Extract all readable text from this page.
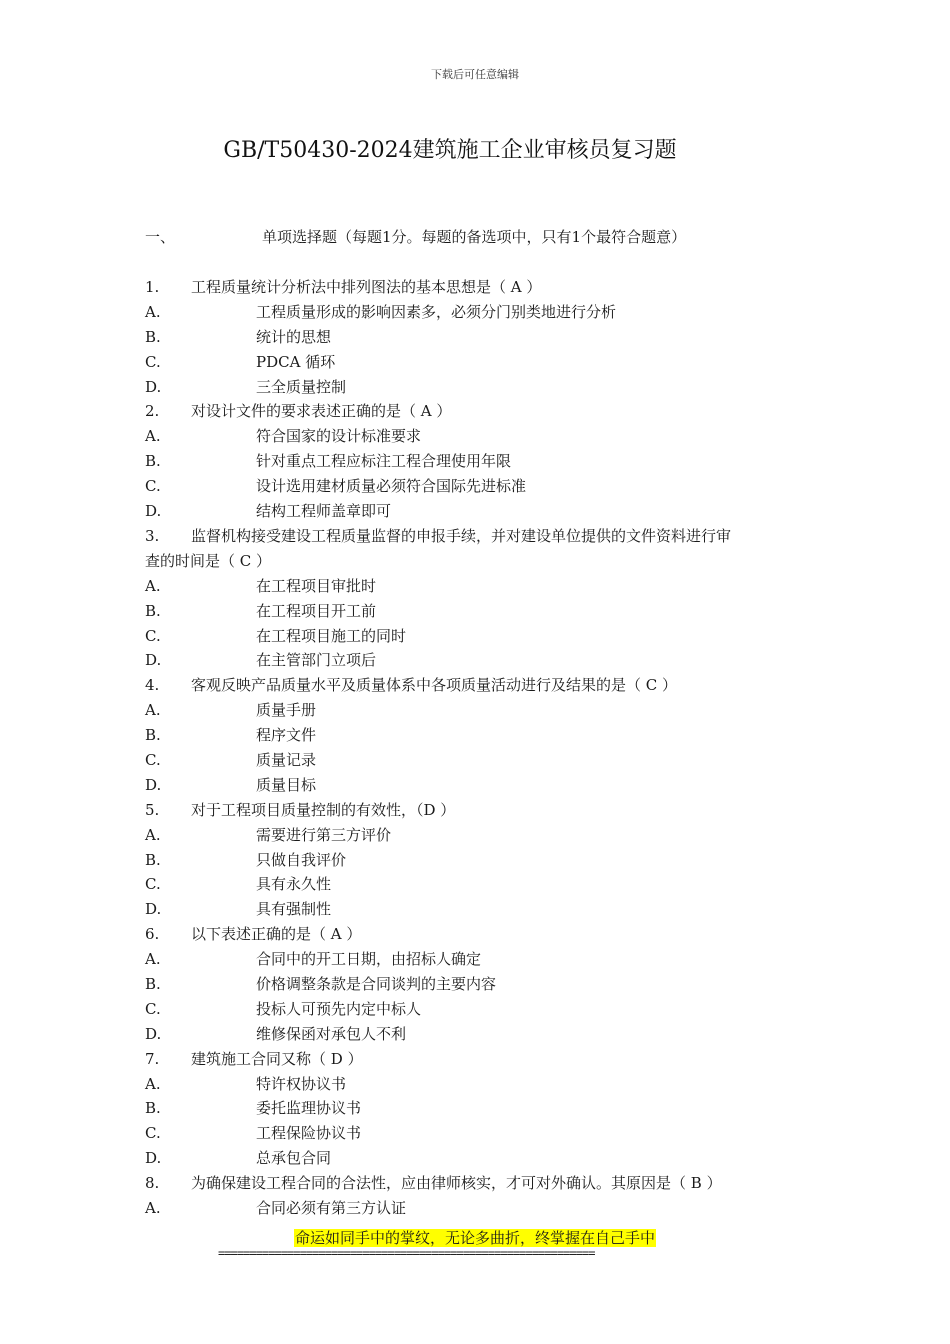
下载后可任意编辑
GB/T50430-2024建筑施工企业审核员复习题
一、	单项选择题（每题1分。每题的备选项中，只有1个最符合题意）
1. 工程质量统计分析法中排列图法的基本思想是（ A ）
A.	工程质量形成的影响因素多，必须分门别类地进行分析
B.	统计的思想
C.	PDCA 循环
D.	三全质量控制
2. 对设计文件的要求表述正确的是（ A ）
A.	符合国家的设计标准要求
B.	针对重点工程应标注工程合理使用年限
C.	设计选用建材质量必须符合国际先进标准
D.	结构工程师盖章即可
3. 监督机构接受建设工程质量监督的申报手续，并对建设单位提供的文件资料进行审
查的时间是（ C ）
A.	在工程项目审批时
B.	在工程项目开工前
C.	在工程项目施工的同时
D.	在主管部门立项后
4. 客观反映产品质量水平及质量体系中各项质量活动进行及结果的是（ C ）
A.	质量手册
B.	程序文件
C.	质量记录
D.	质量目标
5. 对于工程项目质量控制的有效性，（D ）
A.	需要进行第三方评价
B.	只做自我评价
C.	具有永久性
D.	具有强制性
6. 以下表述正确的是（ A ）
A.	合同中的开工日期，由招标人确定
B.	价格调整条款是合同谈判的主要内容
C.	投标人可预先内定中标人
D.	维修保函对承包人不利
7. 建筑施工合同又称（ D ）
A.	特许权协议书
B.	委托监理协议书
C.	工程保险协议书
D.	总承包合同
8. 为确保建设工程合同的合法性，应由律师核实，才可对外确认。其原因是（ B ）
A.	合同必须有第三方认证
命运如同手中的掌纹，无论多曲折，终掌握在自己手中
============================================================
